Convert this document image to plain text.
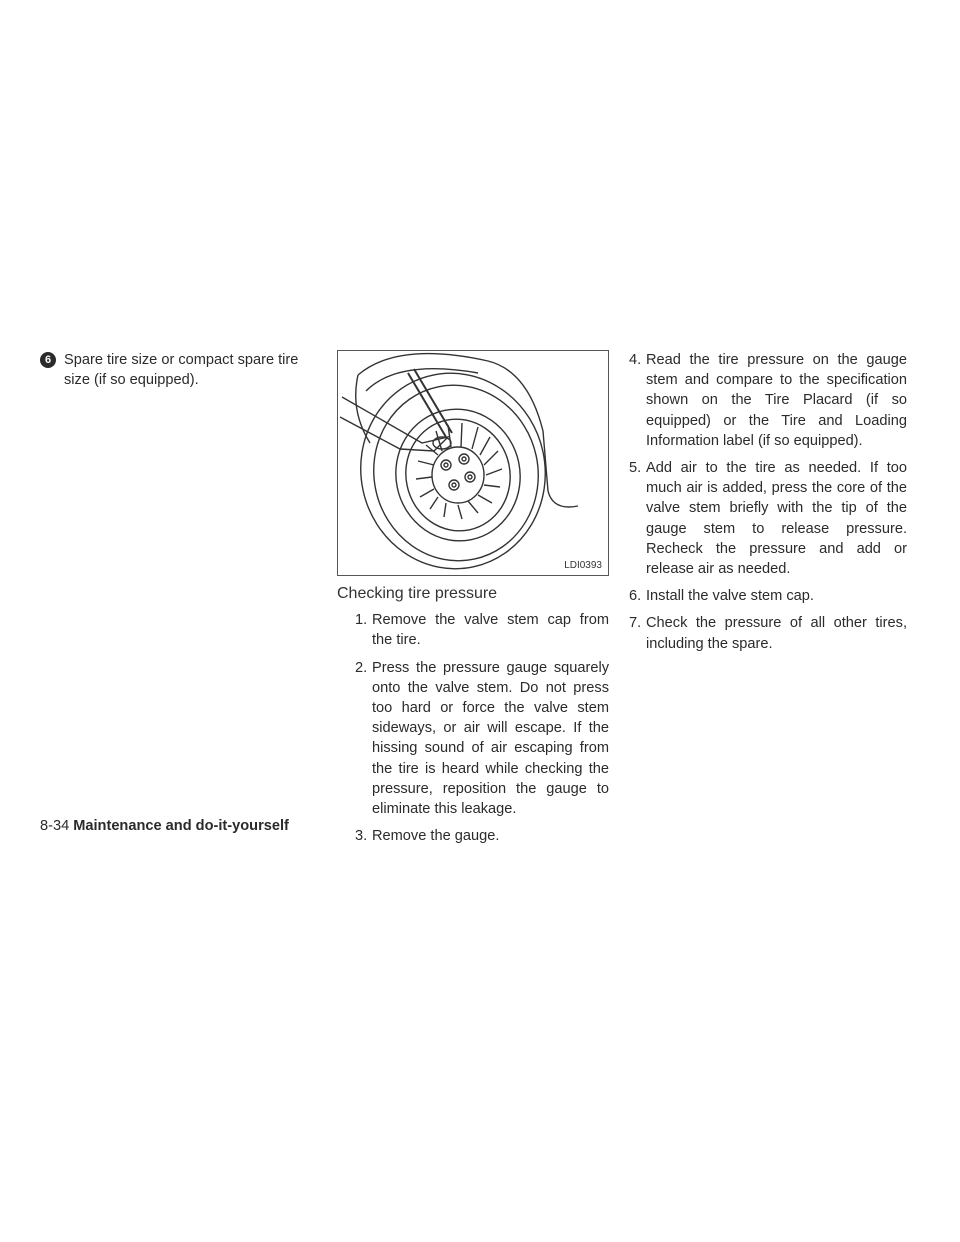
6 Spare tire size or compact spare tire size (if so equipped).
LDI0393
Checking tire pressure
1. Remove the valve stem cap from the tire.
2. Press the pressure gauge squarely onto the valve stem. Do not press too hard or force the valve stem sideways, or air will escape. If the hissing sound of air escaping from the tire is heard while checking the pressure, reposition the gauge to eliminate this leakage.
3. Remove the gauge.
4. Read the tire pressure on the gauge stem and compare to the specification shown on the Tire Placard (if so equipped) or the Tire and Loading Information label (if so equipped).
5. Add air to the tire as needed. If too much air is added, press the core of the valve stem briefly with the tip of the gauge stem to release pressure. Recheck the pressure and add or release air as needed.
6. Install the valve stem cap.
7. Check the pressure of all other tires, including the spare.
8-34 Maintenance and do-it-yourself
